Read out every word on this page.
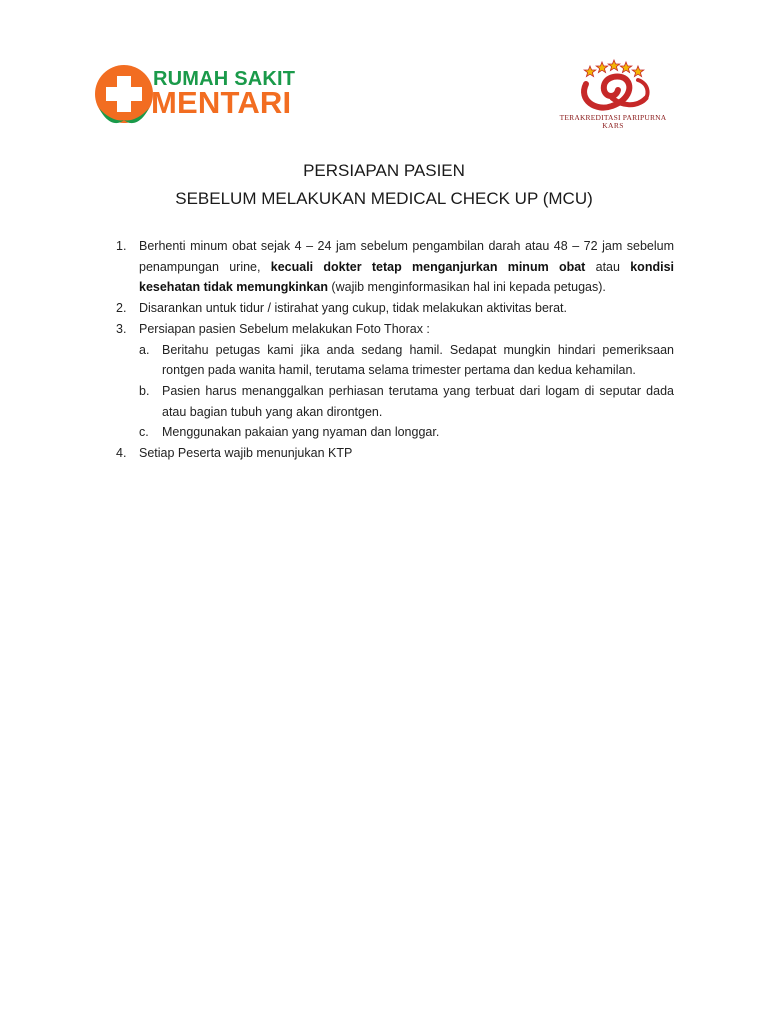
RUMAH SAKIT
MENTARI	TERAKREDITASI PARIPURNA
KARS
PERSIAPAN PASIEN
SEBELUM MELAKUKAN MEDICAL CHECK UP (MCU)
1. Berhenti minum obat sejak 4 – 24 jam sebelum pengambilan darah atau 48 – 72 jam sebelum penampungan urine, kecuali dokter tetap menganjurkan minum obat atau kondisi kesehatan tidak memungkinkan (wajib menginformasikan hal ini kepada petugas).
2. Disarankan untuk tidur / istirahat yang cukup, tidak melakukan aktivitas berat.
3. Persiapan pasien Sebelum melakukan Foto Thorax :
a. Beritahu petugas kami jika anda sedang hamil. Sedapat mungkin hindari pemeriksaan rontgen pada wanita hamil, terutama selama trimester pertama dan kedua kehamilan.
b. Pasien harus menanggalkan perhiasan terutama yang terbuat dari logam di seputar dada atau bagian tubuh yang akan dirontgen.
c. Menggunakan pakaian yang nyaman dan longgar.
4. Setiap Peserta wajib menunjukan KTP
